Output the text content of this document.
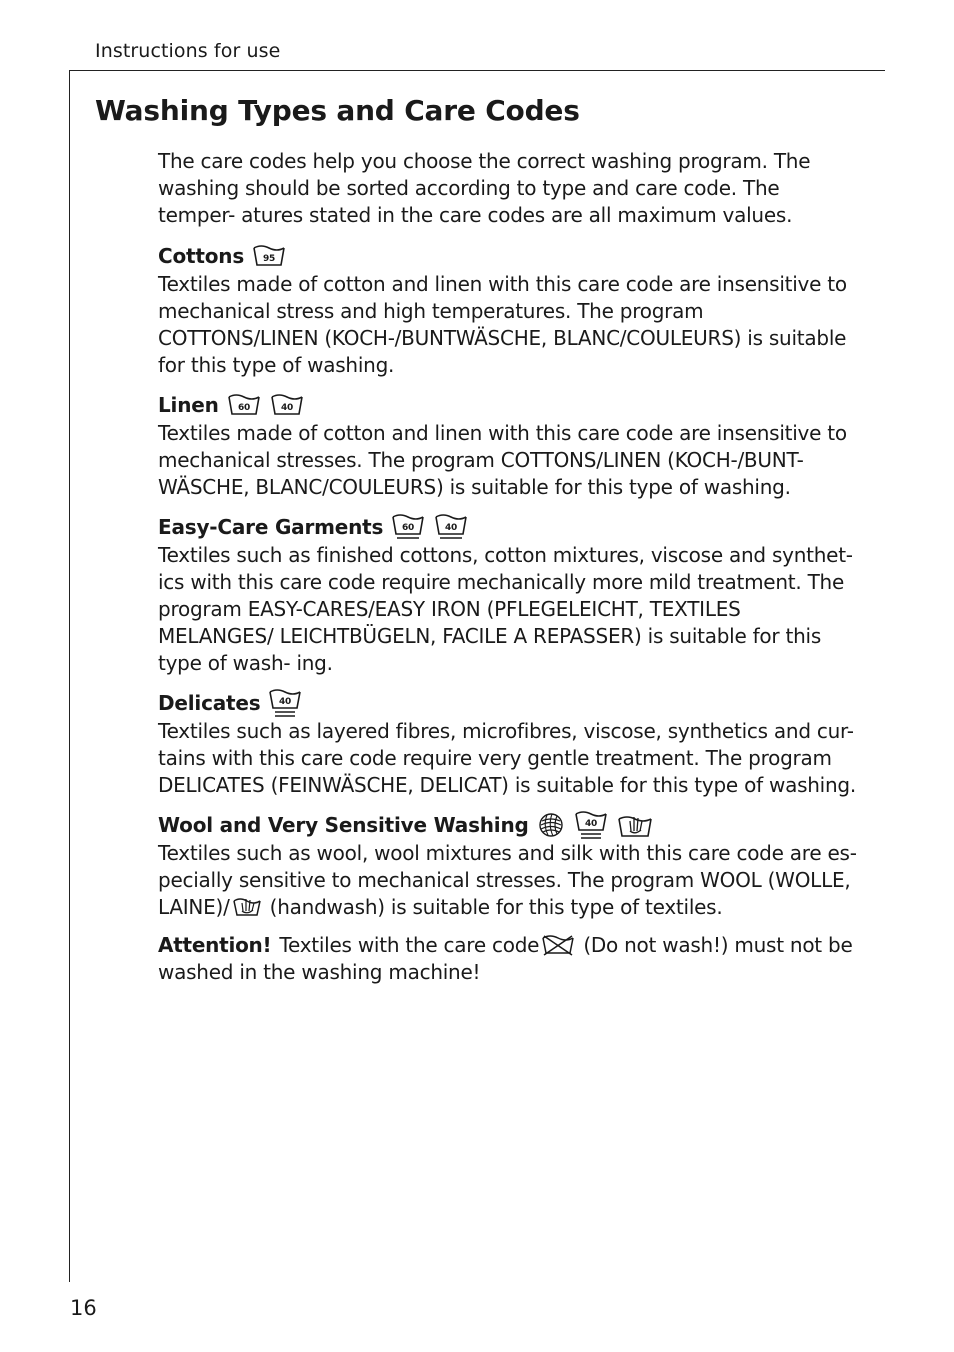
Instructions for use
Washing Types and Care Codes

The care codes help you choose the correct washing program. The washing should be sorted according to type and care code. The temper- atures stated in the care codes are all maximum values.

Cottons 95

Textiles made of cotton and linen with this care code are insensitive to mechanical stress and high temperatures. The program COTTONS/LINEN (KOCH-/BUNTWÄSCHE, BLANC/COULEURS) is suitable for this type of washing.

Linen 60	40

Textiles made of cotton and linen with this care code are insensitive to mechanical stresses. The program COTTONS/LINEN (KOCH-/BUNT- WÄSCHE, BLANC/COULEURS) is suitable for this type of washing.

Easy-Care Garments 60	40

Textiles such as finished cottons, cotton mixtures, viscose and synthet- ics with this care code require mechanically more mild treatment. The program EASY-CARES/EASY IRON (PFLEGELEICHT, TEXTILES MELANGES/ LEICHTBÜGELN, FACILE A REPASSER) is suitable for this type of wash- ing.

Delicates 40

Textiles such as layered fibres, microfibres, viscose, synthetics and cur- tains with this care code require very gentle treatment. The program DELICATES (FEINWÄSCHE, DELICAT) is suitable for this type of washing.

Wool and Very Sensitive Washing	40

Textiles such as wool, wool mixtures and silk with this care code are es- pecially sensitive to mechanical stresses. The program WOOL (WOLLE, LAINE)/
(handwash) is suitable for this type of textiles.

Attention! Textiles with the care code
(Do not wash!) must not be washed in the washing machine!

16
